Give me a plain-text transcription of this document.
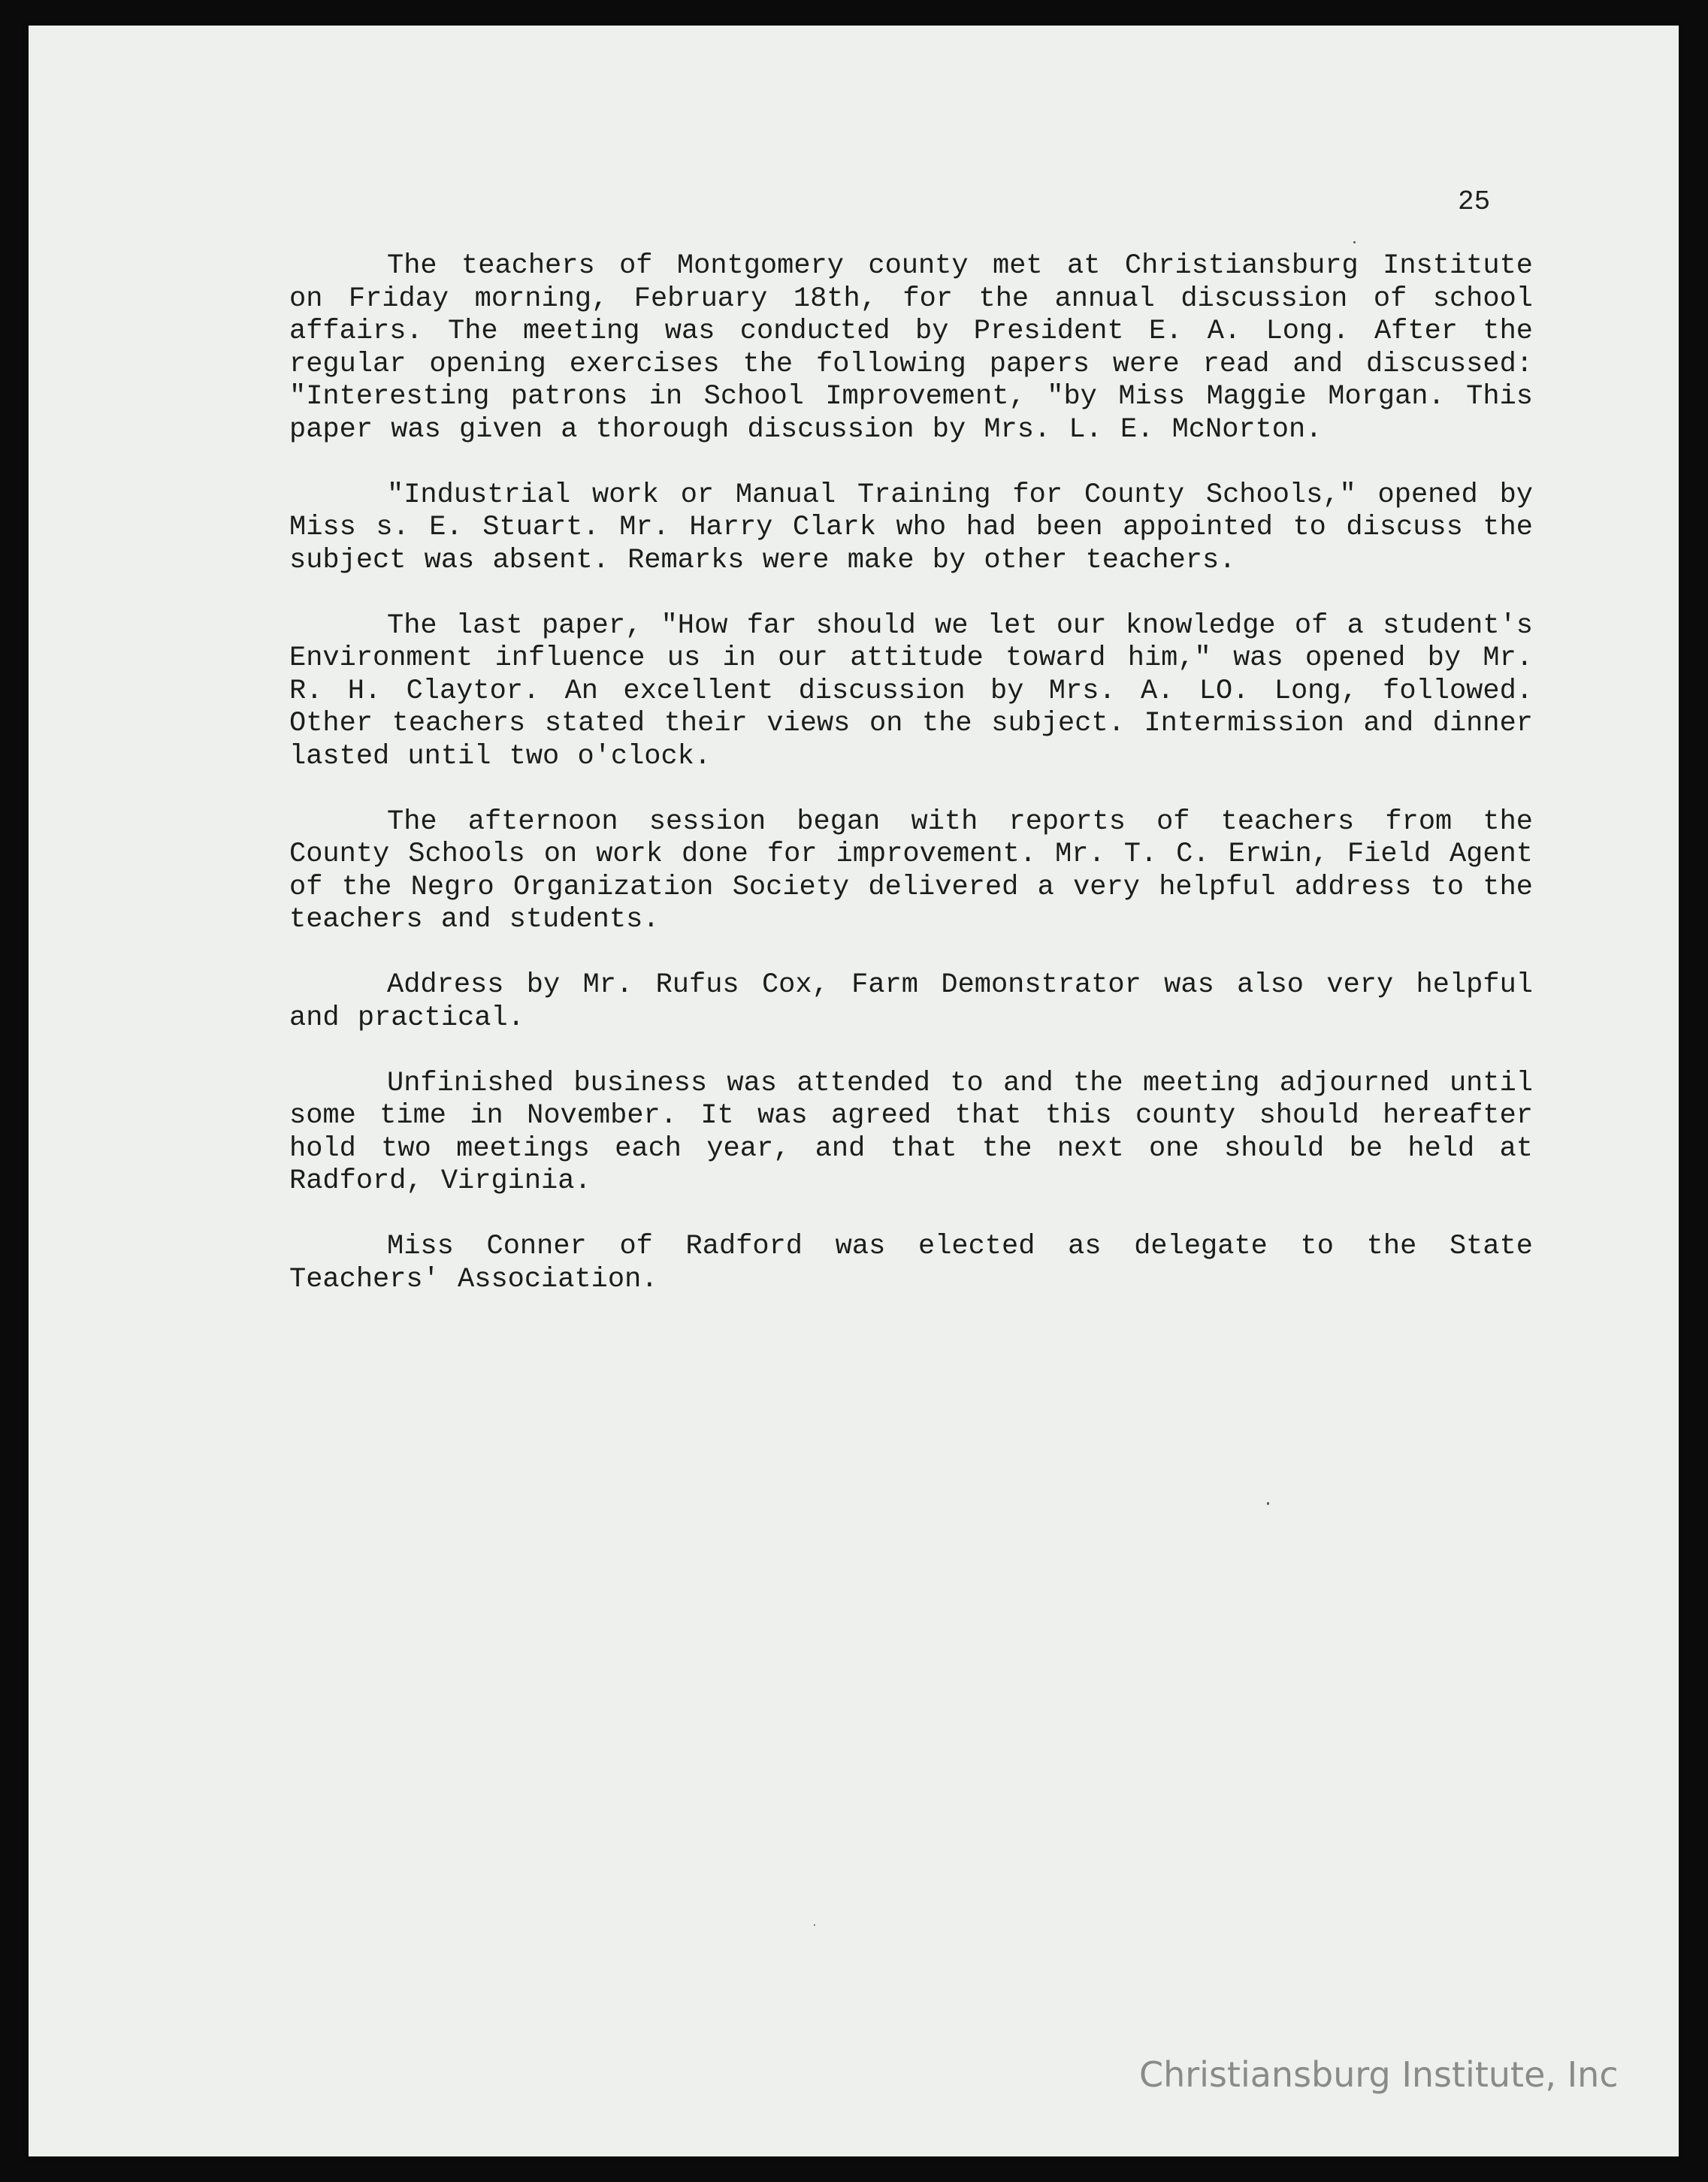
25

The teachers of Montgomery county met at Christiansburg Institute on Friday morning, February 18th, for the annual discussion of school affairs. The meeting was conducted by President E. A. Long. After the regular opening exercises the following papers were read and discussed: "Interesting patrons in School Improvement, "by Miss Maggie Morgan. This paper was given a thorough discussion by Mrs. L. E. McNorton.

"Industrial work or Manual Training for County Schools," opened by Miss s. E. Stuart. Mr. Harry Clark who had been appointed to discuss the subject was absent. Remarks were make by other teachers.

The last paper, "How far should we let our knowledge of a student's Environment influence us in our attitude toward him," was opened by Mr. R. H. Claytor. An excellent discussion by Mrs. A. LO. Long, followed. Other teachers stated their views on the subject. Intermission and dinner lasted until two o'clock.

The afternoon session began with reports of teachers from the County Schools on work done for improvement. Mr. T. C. Erwin, Field Agent of the Negro Organization Society delivered a very helpful address to the teachers and students.

Address by Mr. Rufus Cox, Farm Demonstrator was also very helpful and practical.

Unfinished business was attended to and the meeting adjourned until some time in November. It was agreed that this county should hereafter hold two meetings each year, and that the next one should be held at Radford, Virginia.

Miss Conner of Radford was elected as delegate to the State Teachers' Association.

Christiansburg Institute, Inc
